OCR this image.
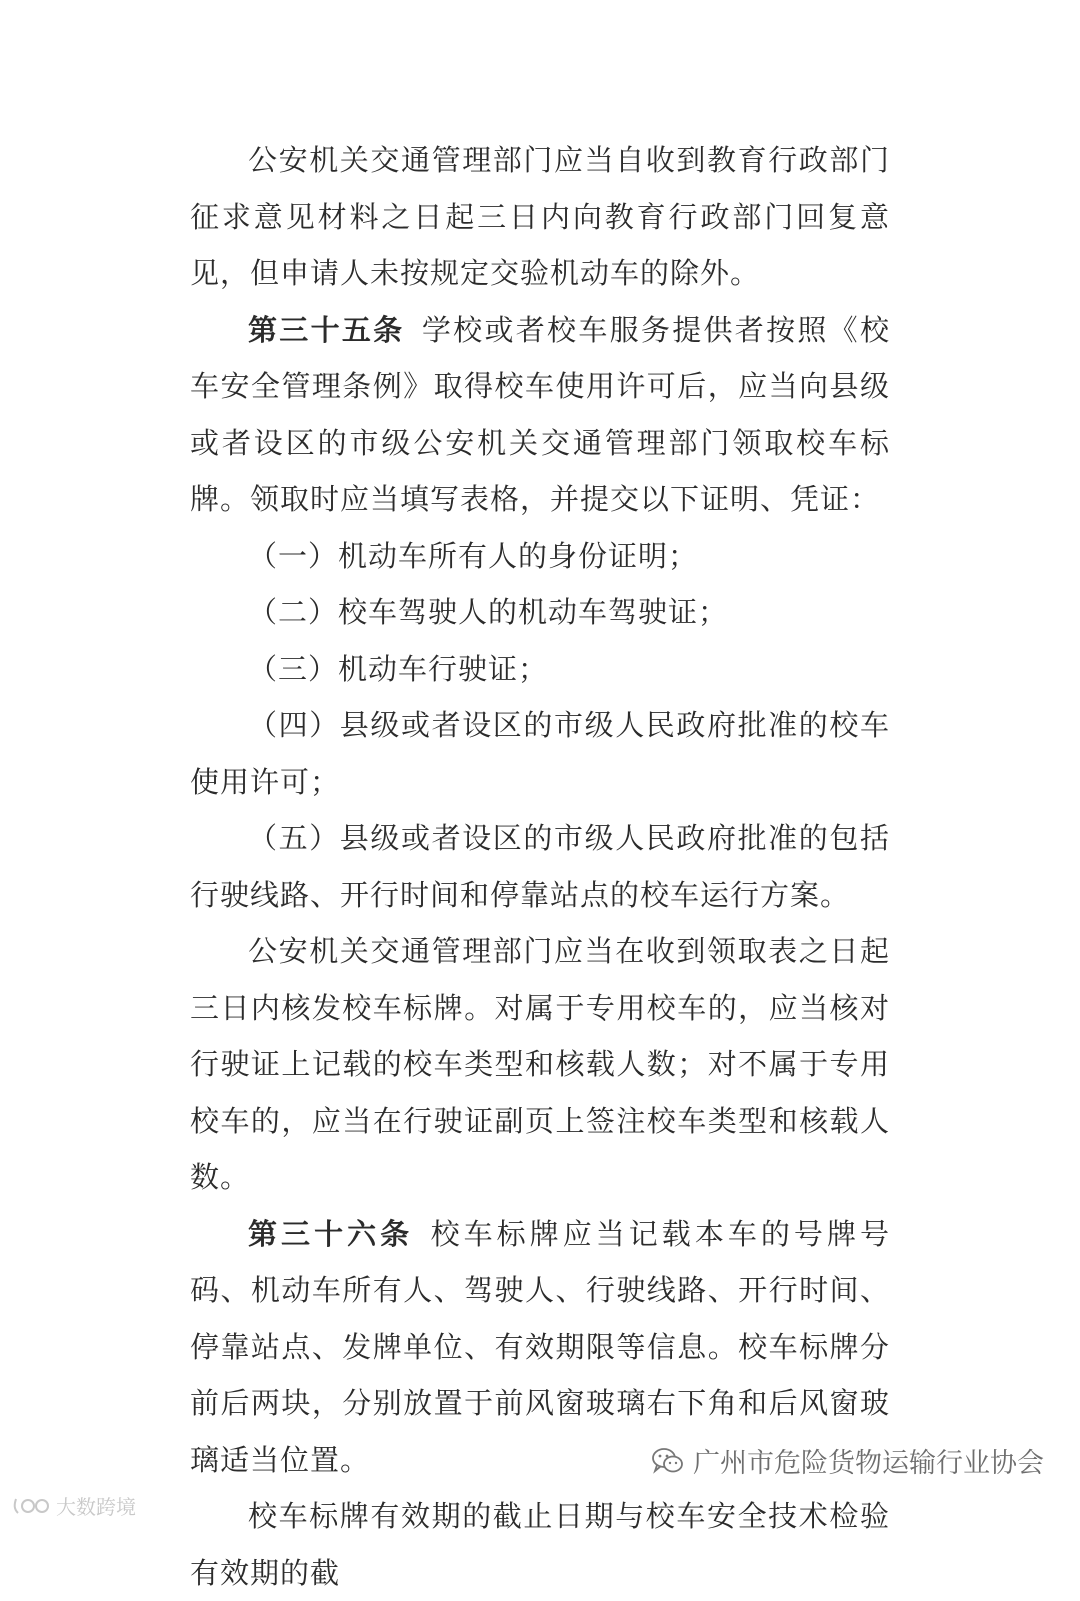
公安机关交通管理部门应当自收到教育行政部门征求意见材料之日起三日内向教育行政部门回复意见，但申请人未按规定交验机动车的除外。

第三十五条 学校或者校车服务提供者按照《校车安全管理条例》取得校车使用许可后，应当向县级或者设区的市级公安机关交通管理部门领取校车标牌。领取时应当填写表格，并提交以下证明、凭证：

（一）机动车所有人的身份证明；

（二）校车驾驶人的机动车驾驶证；

（三）机动车行驶证；

（四）县级或者设区的市级人民政府批准的校车使用许可；

（五）县级或者设区的市级人民政府批准的包括行驶线路、开行时间和停靠站点的校车运行方案。

公安机关交通管理部门应当在收到领取表之日起三日内核发校车标牌。对属于专用校车的，应当核对行驶证上记载的校车类型和核载人数；对不属于专用校车的，应当在行驶证副页上签注校车类型和核载人数。

第三十六条 校车标牌应当记载本车的号牌号码、机动车所有人、驾驶人、行驶线路、开行时间、停靠站点、发牌单位、有效期限等信息。校车标牌分前后两块，分别放置于前风窗玻璃右下角和后风窗玻璃适当位置。

校车标牌有效期的截止日期与校车安全技术检验有效期的截

广州市危险货物运输行业协会
大数跨境
